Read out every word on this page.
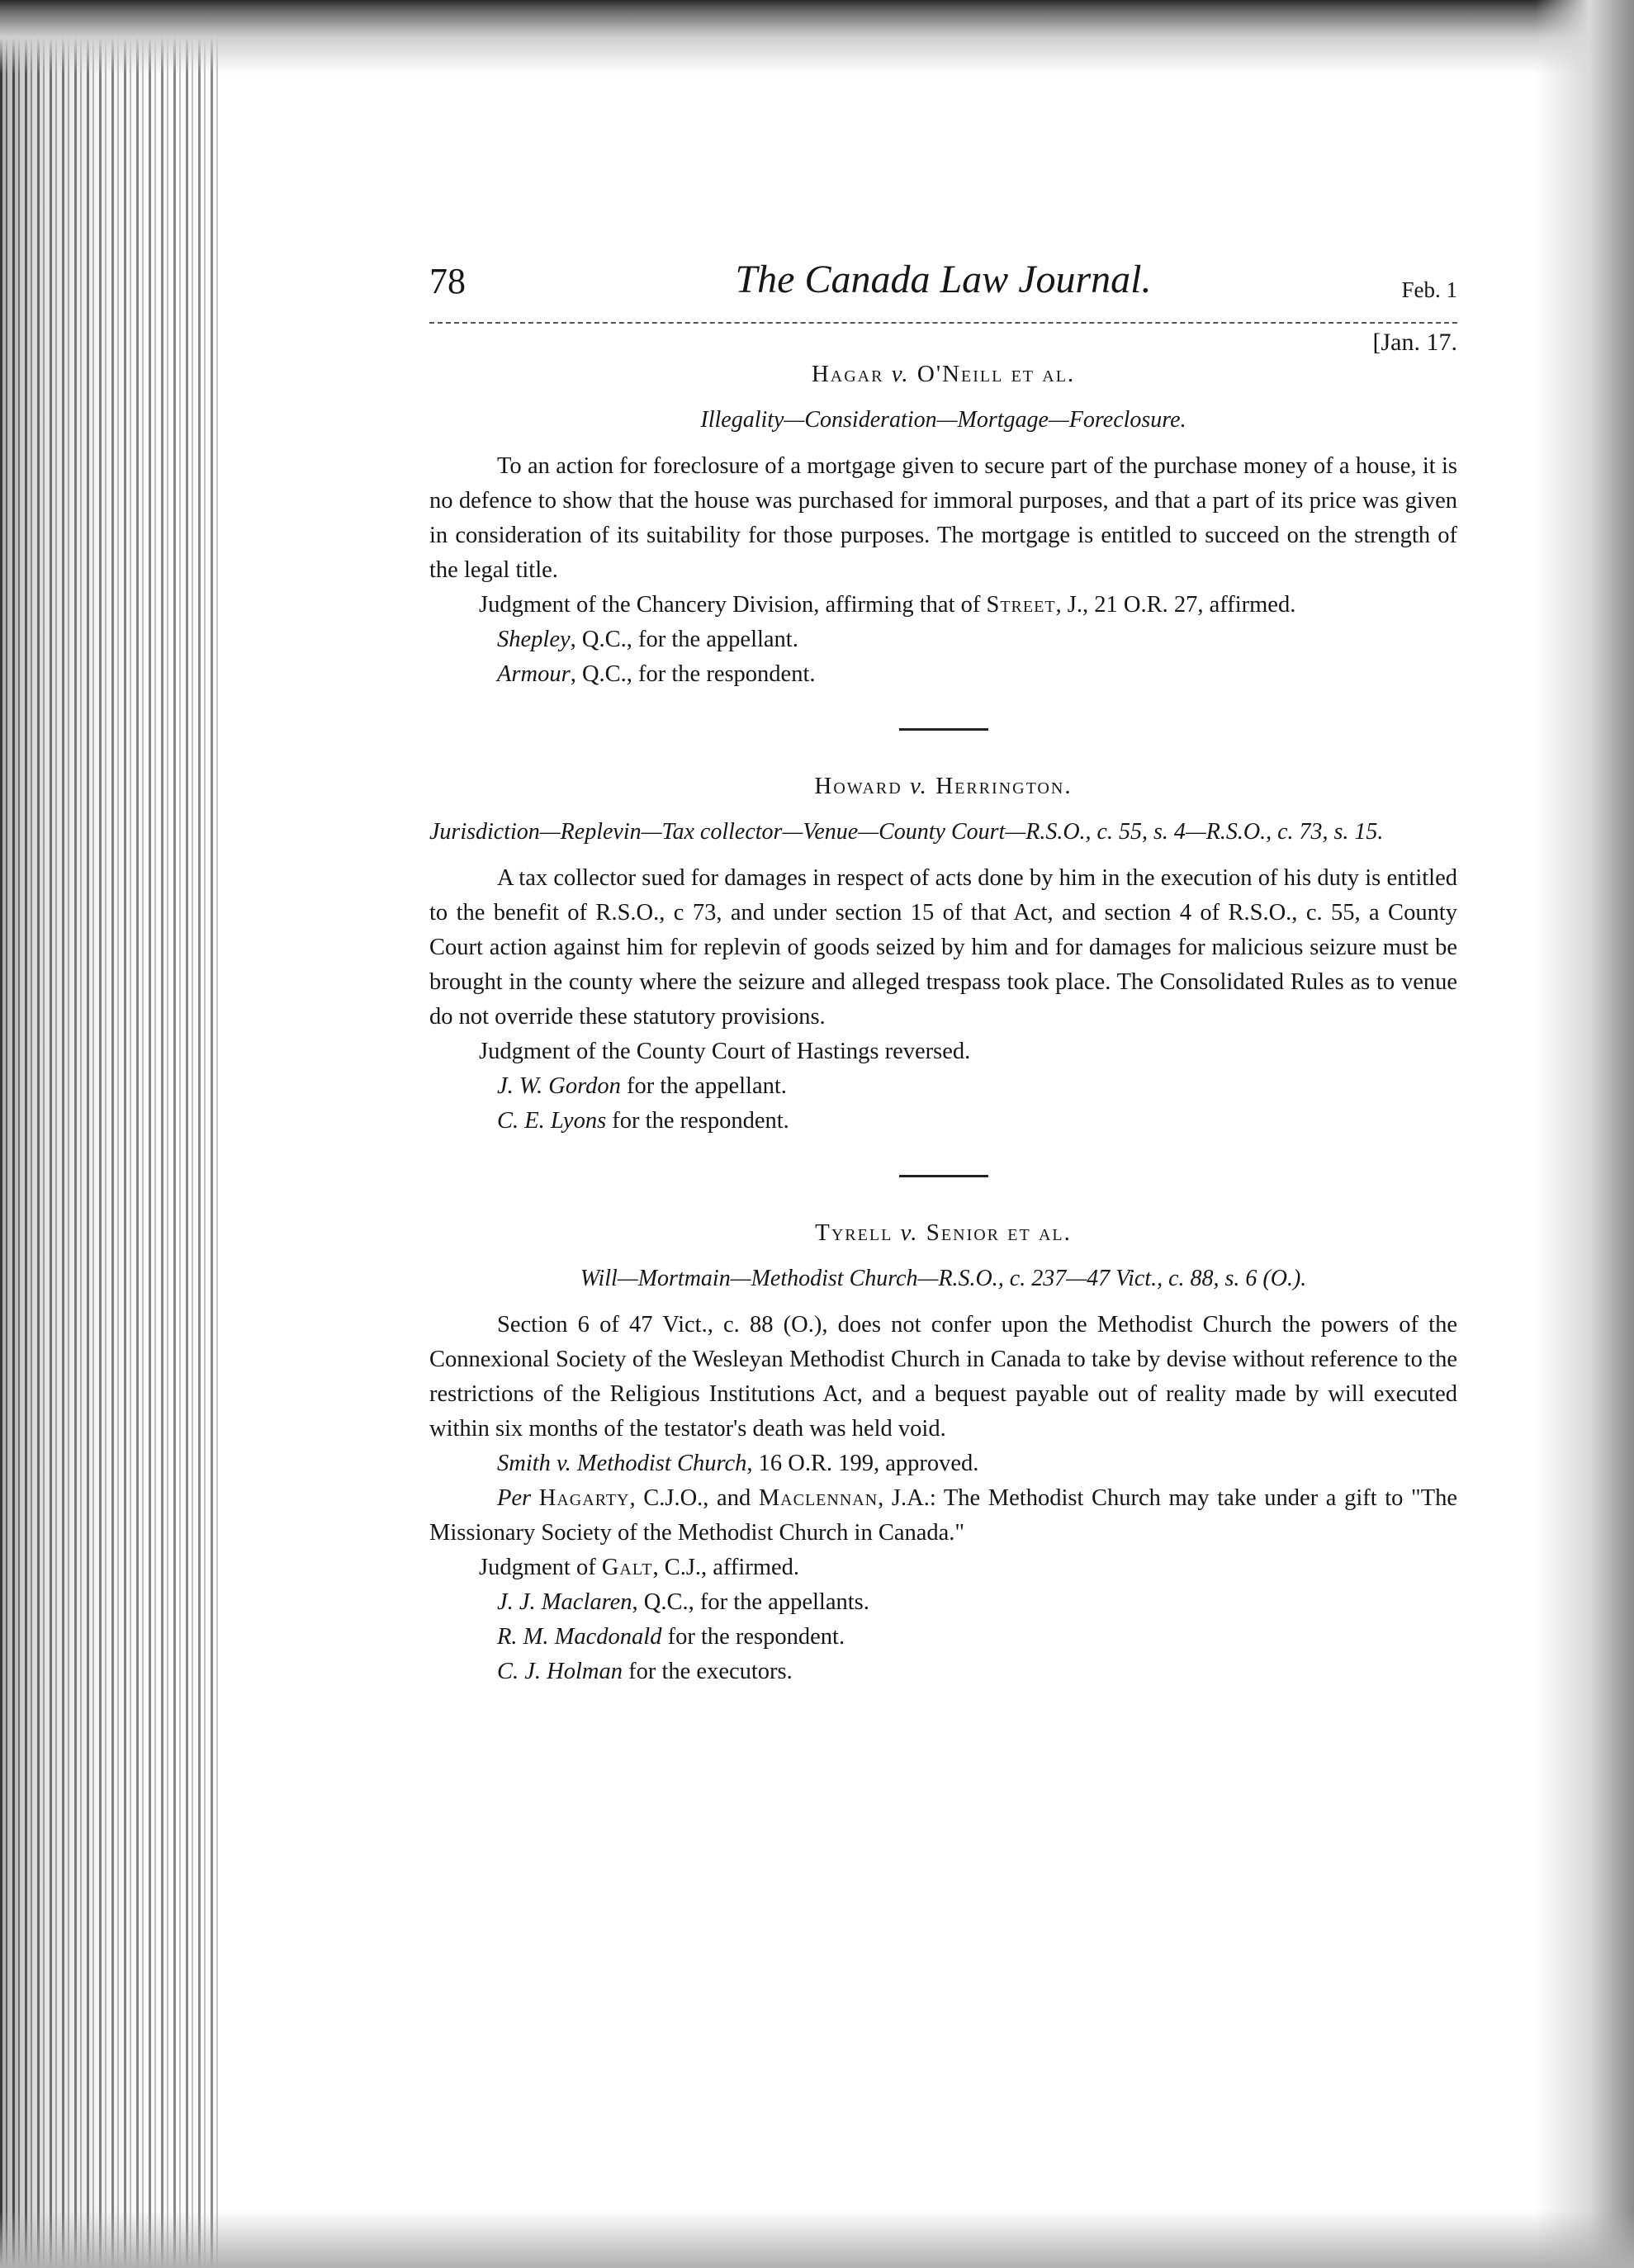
78	The Canada Law Journal.	Feb. 1
[Jan. 17.
Hagar v. O'Neill et al.
Illegality—Consideration—Mortgage—Foreclosure.

To an action for foreclosure of a mortgage given to secure part of the purchase money of a house, it is no defence to show that the house was purchased for immoral purposes, and that a part of its price was given in consideration of its suitability for those purposes. The mortgage is entitled to succeed on the strength of the legal title.

Judgment of the Chancery Division, affirming that of Street, J., 21 O.R. 27, affirmed.

Shepley, Q.C., for the appellant.

Armour, Q.C., for the respondent.

Howard v. Herrington.
Jurisdiction—Replevin—Tax collector—Venue—County Court—R.S.O., c. 55, s. 4—R.S.O., c. 73, s. 15.

A tax collector sued for damages in respect of acts done by him in the execution of his duty is entitled to the benefit of R.S.O., c 73, and under section 15 of that Act, and section 4 of R.S.O., c. 55, a County Court action against him for replevin of goods seized by him and for damages for malicious seizure must be brought in the county where the seizure and alleged trespass took place. The Consolidated Rules as to venue do not override these statutory provisions.

Judgment of the County Court of Hastings reversed.

J. W. Gordon for the appellant.

C. E. Lyons for the respondent.

Tyrell v. Senior et al.
Will—Mortmain—Methodist Church—R.S.O., c. 237—47 Vict., c. 88, s. 6 (O.).

Section 6 of 47 Vict., c. 88 (O.), does not confer upon the Methodist Church the powers of the Connexional Society of the Wesleyan Methodist Church in Canada to take by devise without reference to the restrictions of the Religious Institutions Act, and a bequest payable out of reality made by will executed within six months of the testator's death was held void.

Smith v. Methodist Church, 16 O.R. 199, approved.

Per Hagarty, C.J.O., and Maclennan, J.A.: The Methodist Church may take under a gift to "The Missionary Society of the Methodist Church in Canada."

Judgment of Galt, C.J., affirmed.

J. J. Maclaren, Q.C., for the appellants.

R. M. Macdonald for the respondent.

C. J. Holman for the executors.
